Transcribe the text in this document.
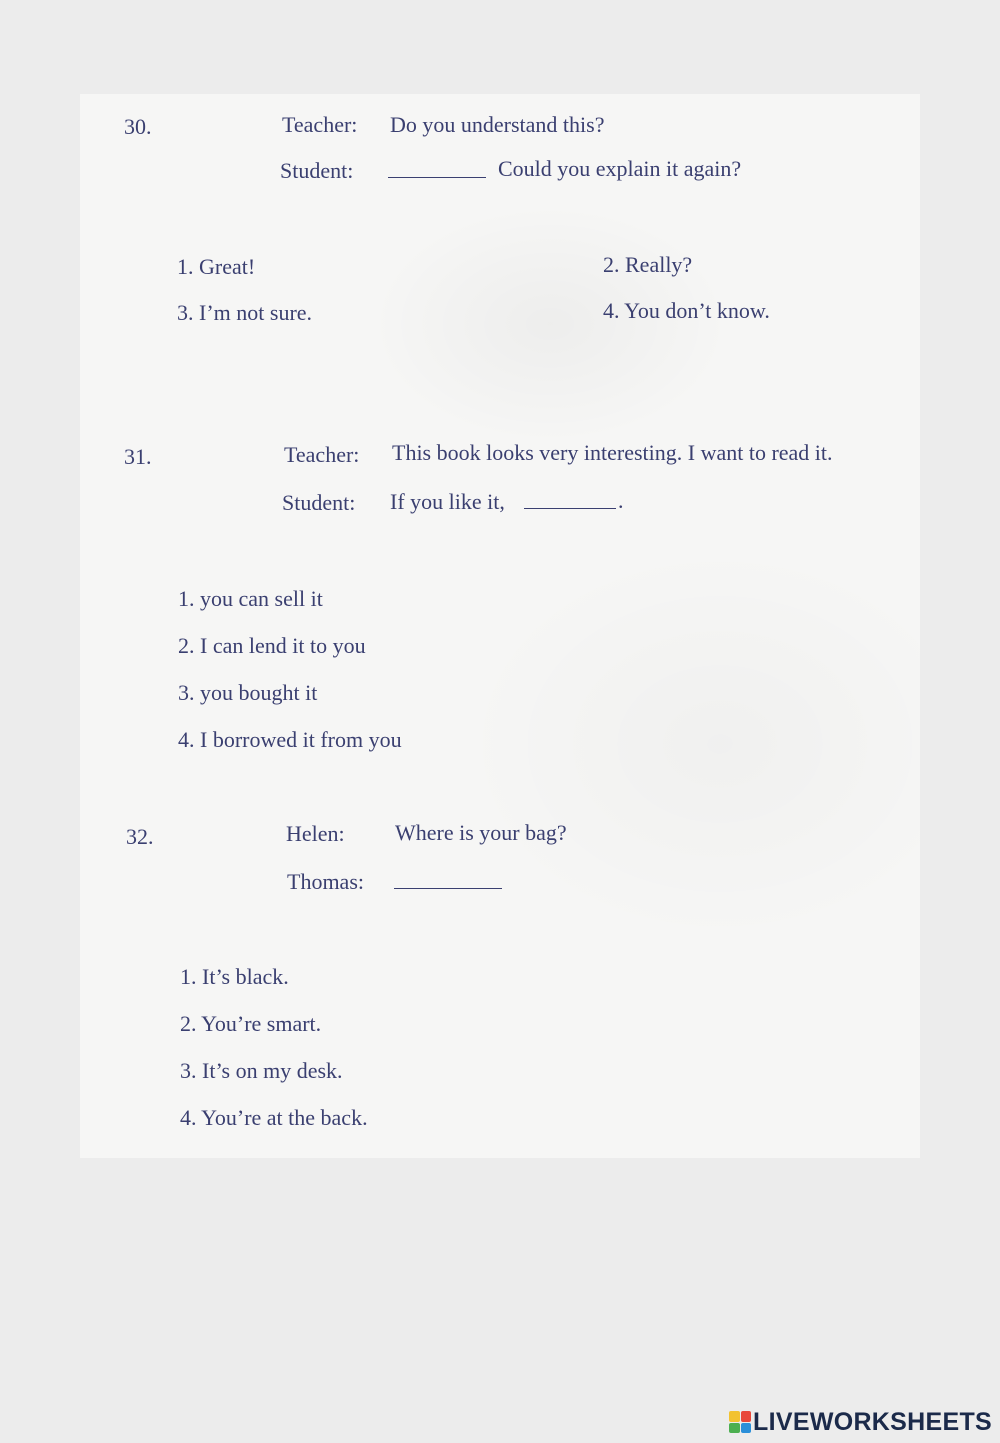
30.	Teacher: Do you understand this?
Student:	Could you explain it again?
1. Great!	2. Really?
3. I’m not sure.	4. You don’t know.
31.	Teacher: This book looks very interesting. I want to read it.
Student: If you like it,	.
1. you can sell it
2. I can lend it to you
3. you bought it
4. I borrowed it from you
32.	Helen: Where is your bag?
Thomas:
1. It’s black.
2. You’re smart.
3. It’s on my desk.
4. You’re at the back.
LIVEWORKSHEETS
